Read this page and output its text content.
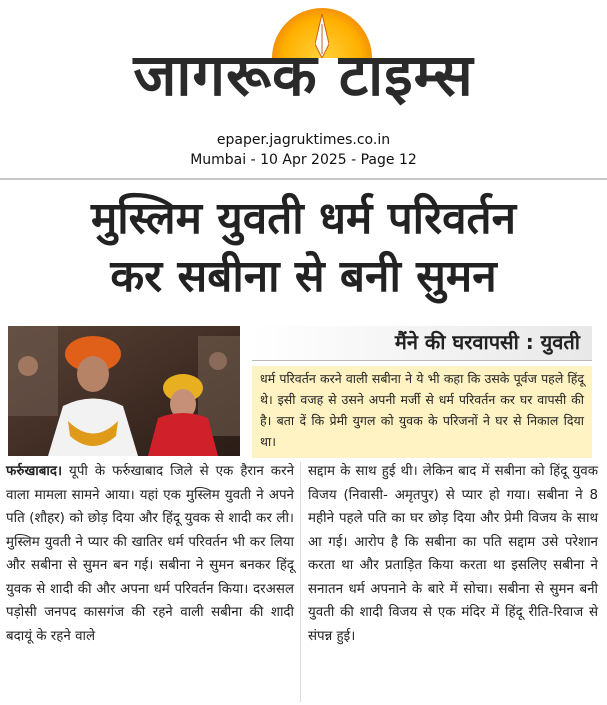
जागरूक टाइम्स
epaper.jagruktimes.co.in
Mumbai - 10 Apr 2025 - Page 12
मुस्लिम युवती धर्म परिवर्तन
कर सबीना से बनी सुमन
मैंने की घरवापसी : युवती
धर्म परिवर्तन करने वाली सबीना ने ये भी कहा कि उसके पूर्वज पहले हिंदू थे। इसी वजह से उसने अपनी मर्जी से धर्म परिवर्तन कर घर वापसी की है। बता दें कि प्रेमी युगल को युवक के परिजनों ने घर से निकाल दिया था।
फर्रुखाबाद। यूपी के फर्रुखाबाद जिले से एक हैरान करने वाला मामला सामने आया। यहां एक मुस्लिम युवती ने अपने पति (शौहर) को छोड़ दिया और हिंदू युवक से शादी कर ली। मुस्लिम युवती ने प्यार की खातिर धर्म परिवर्तन भी कर लिया और सबीना से सुमन बन गई। सबीना ने सुमन बनकर हिंदू युवक से शादी की और अपना धर्म परिवर्तन किया। दरअसल पड़ोसी जनपद कासगंज की रहने वाली सबीना की शादी बदायूं के रहने वाले
सद्दाम के साथ हुई थी। लेकिन बाद में सबीना को हिंदू युवक विजय (निवासी- अमृतपुर) से प्यार हो गया। सबीना ने 8 महीने पहले पति का घर छोड़ दिया और प्रेमी विजय के साथ आ गई। आरोप है कि सबीना का पति सद्दाम उसे परेशान करता था और प्रताड़ित किया करता था इसलिए सबीना ने सनातन धर्म अपनाने के बारे में सोचा। सबीना से सुमन बनी युवती की शादी विजय से एक मंदिर में हिंदू रीति-रिवाज से संपन्न हुई।
